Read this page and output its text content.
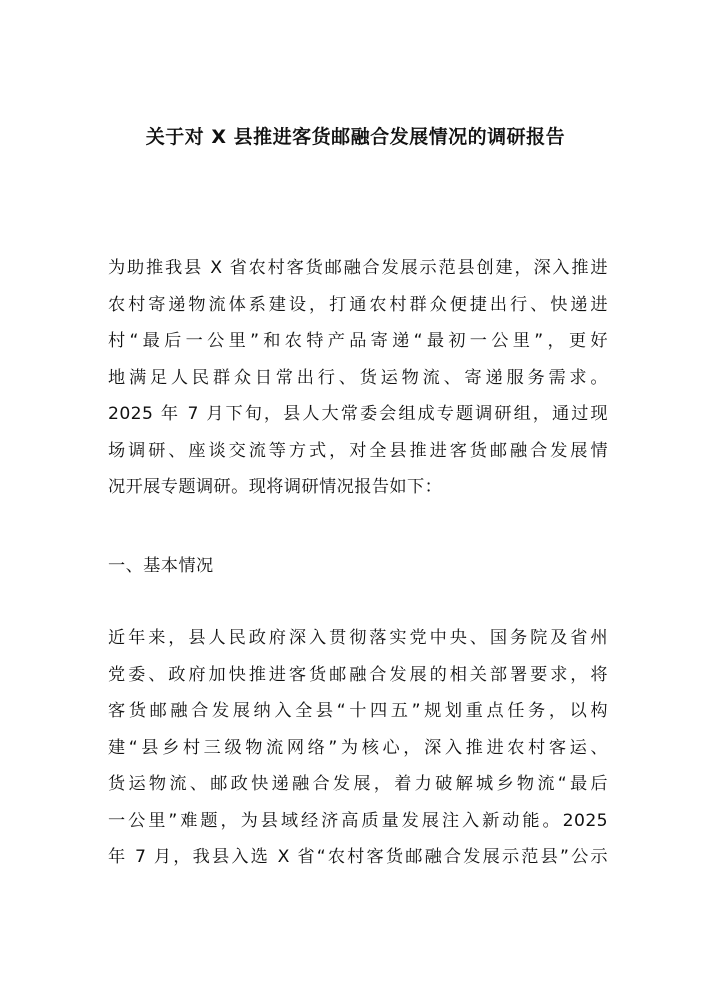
关于对 X 县推进客货邮融合发展情况的调研报告
为助推我县 X 省农村客货邮融合发展示范县创建，深入推进
农村寄递物流体系建设，打通农村群众便捷出行、快递进
村“最后一公里”和农特产品寄递“最初一公里”，更好
地满足人民群众日常出行、货运物流、寄递服务需求。
2025 年 7 月下旬，县人大常委会组成专题调研组，通过现
场调研、座谈交流等方式，对全县推进客货邮融合发展情
况开展专题调研。现将调研情况报告如下：
一、基本情况
近年来，县人民政府深入贯彻落实党中央、国务院及省州
党委、政府加快推进客货邮融合发展的相关部署要求，将
客货邮融合发展纳入全县“十四五”规划重点任务，以构
建“县乡村三级物流网络”为核心，深入推进农村客运、
货运物流、邮政快递融合发展，着力破解城乡物流“最后
一公里”难题，为县域经济高质量发展注入新动能。2025
年 7 月，我县入选 X 省“农村客货邮融合发展示范县”公示
